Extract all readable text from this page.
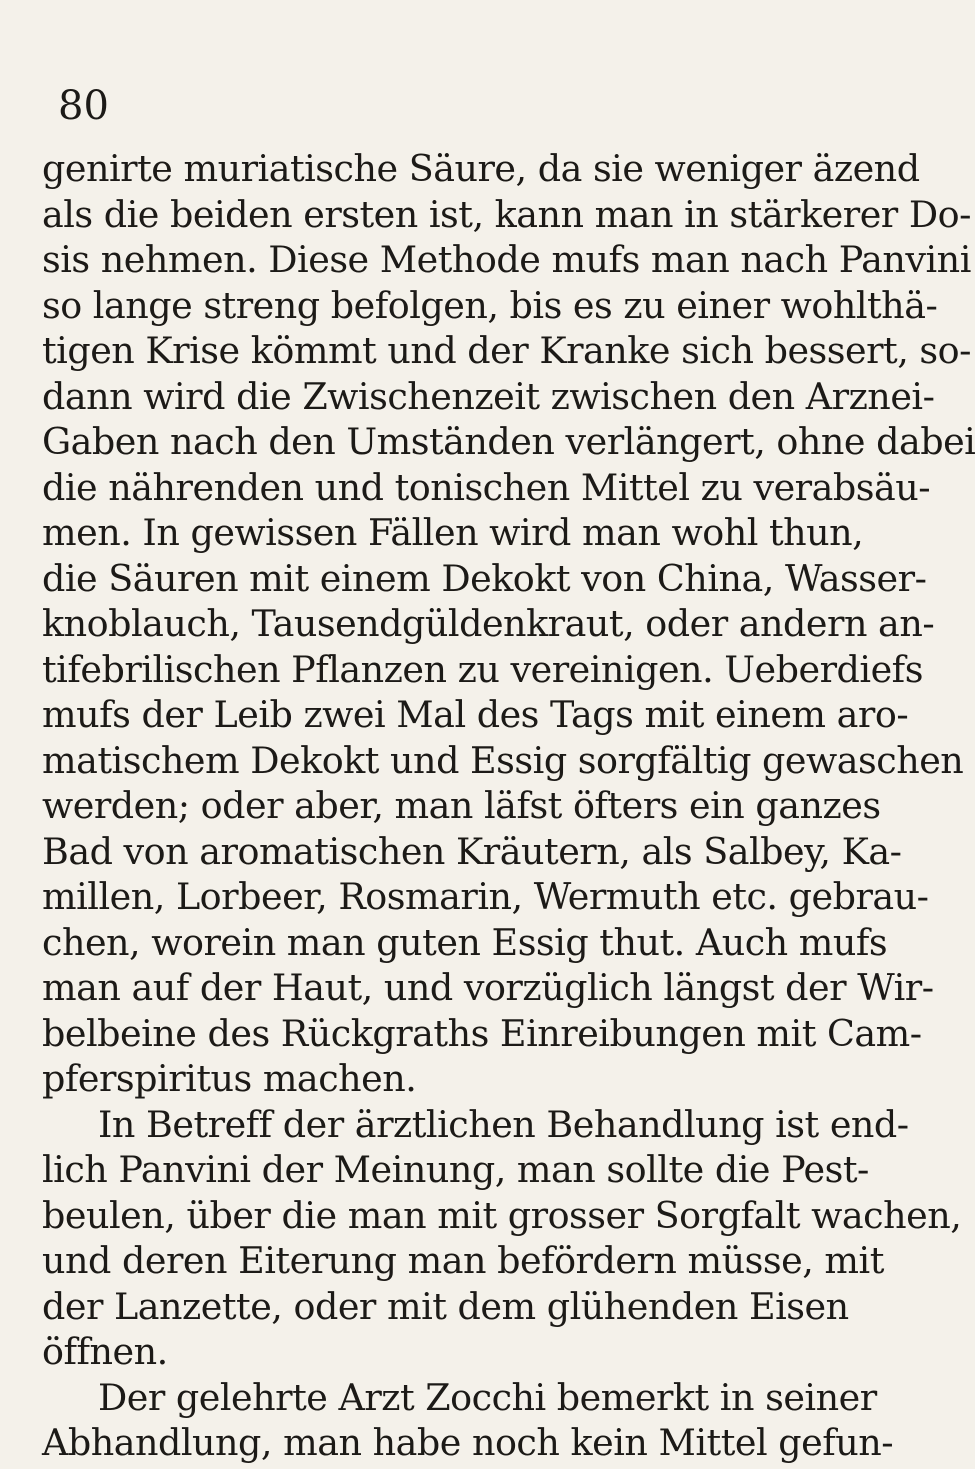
80
genirte muriatische Säure, da sie weniger äzend
als die beiden ersten ist, kann man in stärkerer Do-
sis nehmen. Diese Methode mufs man nach Panvini
so lange streng befolgen, bis es zu einer wohlthä-
tigen Krise kömmt und der Kranke sich bessert, so-
dann wird die Zwischenzeit zwischen den Arznei-
Gaben nach den Umständen verlängert, ohne dabei
die nährenden und tonischen Mittel zu verabsäu-
men. In gewissen Fällen wird man wohl thun,
die Säuren mit einem Dekokt von China, Wasser-
knoblauch, Tausendgüldenkraut, oder andern an-
tifebrilischen Pflanzen zu vereinigen. Ueberdiefs
mufs der Leib zwei Mal des Tags mit einem aro-
matischem Dekokt und Essig sorgfältig gewaschen
werden; oder aber, man läfst öfters ein ganzes
Bad von aromatischen Kräutern, als Salbey, Ka-
millen, Lorbeer, Rosmarin, Wermuth etc. gebrau-
chen, worein man guten Essig thut. Auch mufs
man auf der Haut, und vorzüglich längst der Wir-
belbeine des Rückgraths Einreibungen mit Cam-
pferspiritus machen.
In Betreff der ärztlichen Behandlung ist end-
lich Panvini der Meinung, man sollte die Pest-
beulen, über die man mit grosser Sorgfalt wachen,
und deren Eiterung man befördern müsse, mit
der Lanzette, oder mit dem glühenden Eisen
öffnen.
Der gelehrte Arzt Zocchi bemerkt in seiner
Abhandlung, man habe noch kein Mittel gefun-
